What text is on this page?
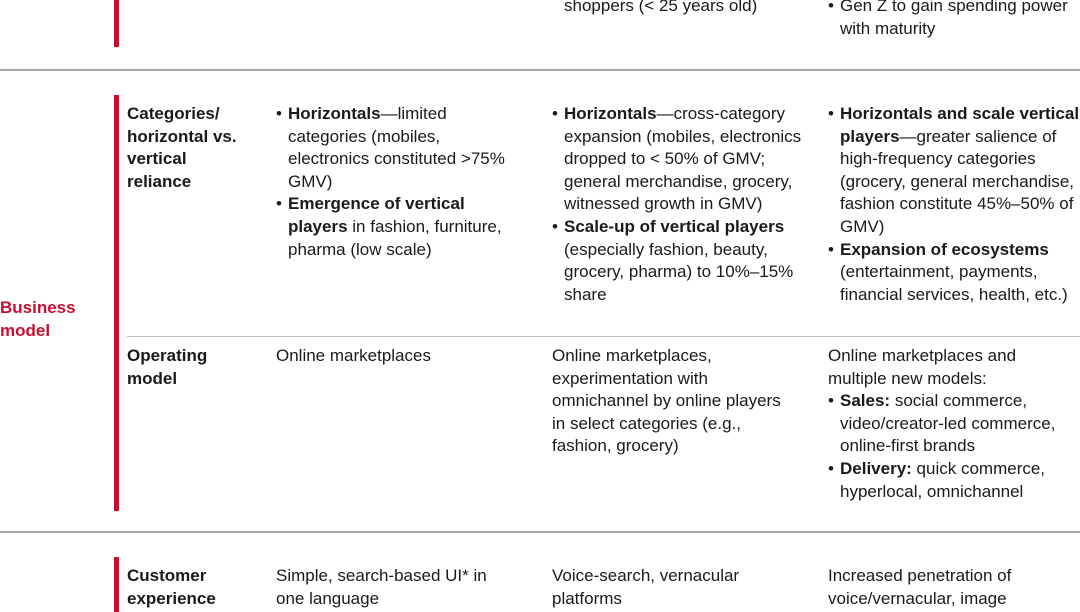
shoppers (< 25 years old)
•	Gen Z to gain spending power with maturity
Business model
Categories/ horizontal vs. vertical reliance
• Horizontals—limited categories (mobiles, electronics constituted >75% GMV)
• Emergence of vertical players in fashion, furniture, pharma (low scale)
• Horizontals—cross-category expansion (mobiles, electronics dropped to < 50% of GMV; general merchandise, grocery, witnessed growth in GMV)
• Scale-up of vertical players (especially fashion, beauty, grocery, pharma) to 10%–15% share
• Horizontals and scale vertical players—greater salience of high-frequency categories (grocery, general merchandise, fashion constitute 45%–50% of GMV)
• Expansion of ecosystems (entertainment, payments, financial services, health, etc.)
Operating model
Online marketplaces	Online marketplaces, experimentation with omnichannel by online players in select categories (e.g., fashion, grocery)
Online marketplaces and multiple new models:
• Sales: social commerce, video/creator-led commerce, online-first brands
• Delivery: quick commerce, hyperlocal, omnichannel
Customer experience
Simple, search-based UI* in one language
Voice-search, vernacular platforms
Increased penetration of voice/vernacular, image
